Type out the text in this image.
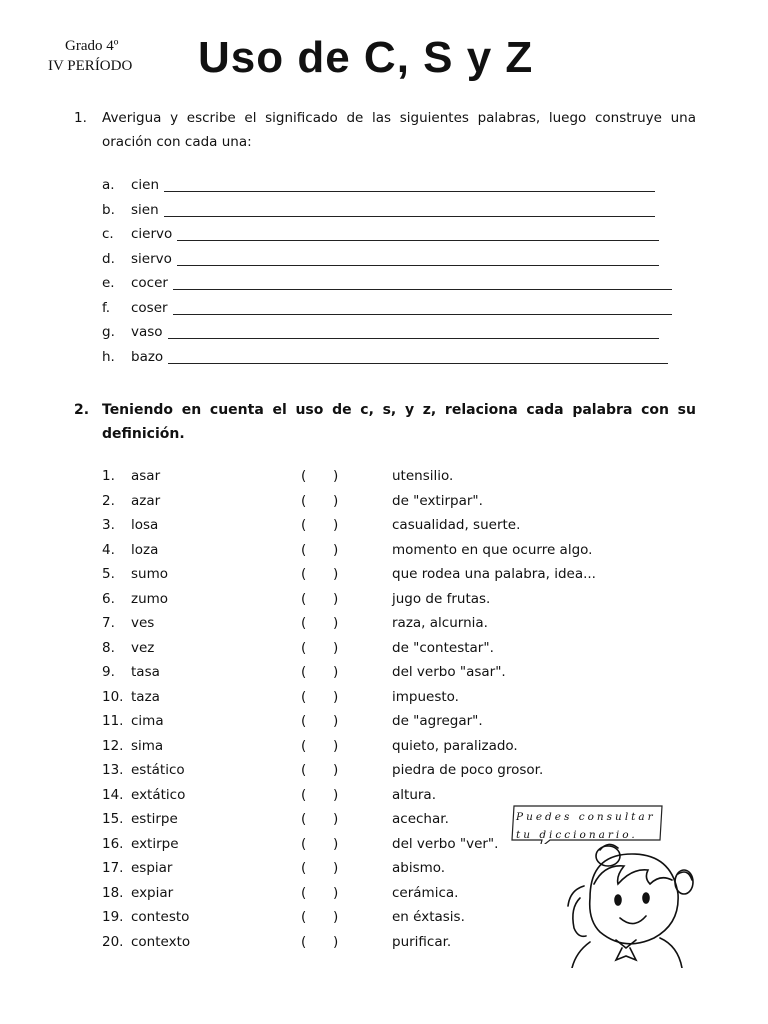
Grado 4º
IV PERÍODO Uso de C, S y Z
1. Averigua y escribe el significado de las siguientes palabras, luego construye una oración con cada una:
a. cien
b. sien
c. ciervo
d. siervo
e. cocer
f. coser
g. vaso
h. bazo
2. Teniendo en cuenta el uso de c, s, y z, relaciona cada palabra con su definición.
1. asar	( )	utensilio.
2. azar	( )	de "extirpar".
3. losa	( )	casualidad, suerte.
4. loza	( )	momento en que ocurre algo.
5. sumo	( )	que rodea una palabra, idea...
6. zumo	( )	jugo de frutas.
7. ves	( )	raza, alcurnia.
8. vez	( )	de "contestar".
9. tasa	( )	del verbo "asar".
10. taza	( )	impuesto.
11. cima	( )	de "agregar".
12. sima	( )	quieto, paralizado.
13. estático	( )	piedra de poco grosor.
14. extático	( )	altura.
15. estirpe	( )	acechar.
16. extirpe	( )	del verbo "ver".
17. espiar	( )	abismo.
18. expiar	( )	cerámica.
19. contesto	( )	en éxtasis.
20. contexto	( )	purificar.
Puedes consultar
tu diccionario.
